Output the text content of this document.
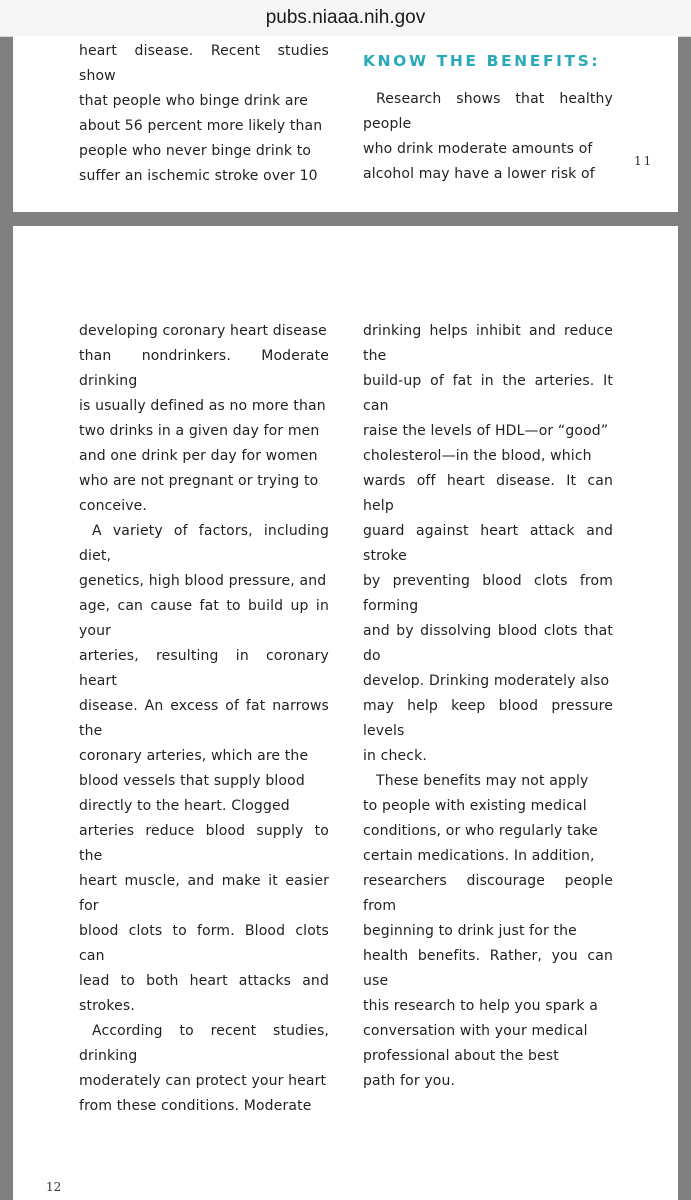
pubs.niaaa.nih.gov

heart disease. Recent studies show
that people who binge drink are
about 56 percent more likely than
people who never binge drink to
suffer an ischemic stroke over 10

KNOW THE BENEFITS:

Research shows that healthy people
who drink moderate amounts of
alcohol may have a lower risk of

11

developing coronary heart disease
than nondrinkers. Moderate drinking
is usually defined as no more than
two drinks in a given day for men
and one drink per day for women
who are not pregnant or trying to
conceive.

A variety of factors, including diet,
genetics, high blood pressure, and
age, can cause fat to build up in your
arteries, resulting in coronary heart
disease. An excess of fat narrows the
coronary arteries, which are the
blood vessels that supply blood
directly to the heart. Clogged
arteries reduce blood supply to the
heart muscle, and make it easier for
blood clots to form. Blood clots can
lead to both heart attacks and strokes.

According to recent studies, drinking
moderately can protect your heart
from these conditions. Moderate

drinking helps inhibit and reduce the
build-up of fat in the arteries. It can
raise the levels of HDL—or “good”
cholesterol—in the blood, which
wards off heart disease. It can help
guard against heart attack and stroke
by preventing blood clots from forming
and by dissolving blood clots that do
develop. Drinking moderately also
may help keep blood pressure levels
in check.

These benefits may not apply
to people with existing medical
conditions, or who regularly take
certain medications. In addition,
researchers discourage people from
beginning to drink just for the
health benefits. Rather, you can use
this research to help you spark a
conversation with your medical
professional about the best
path for you.

12
